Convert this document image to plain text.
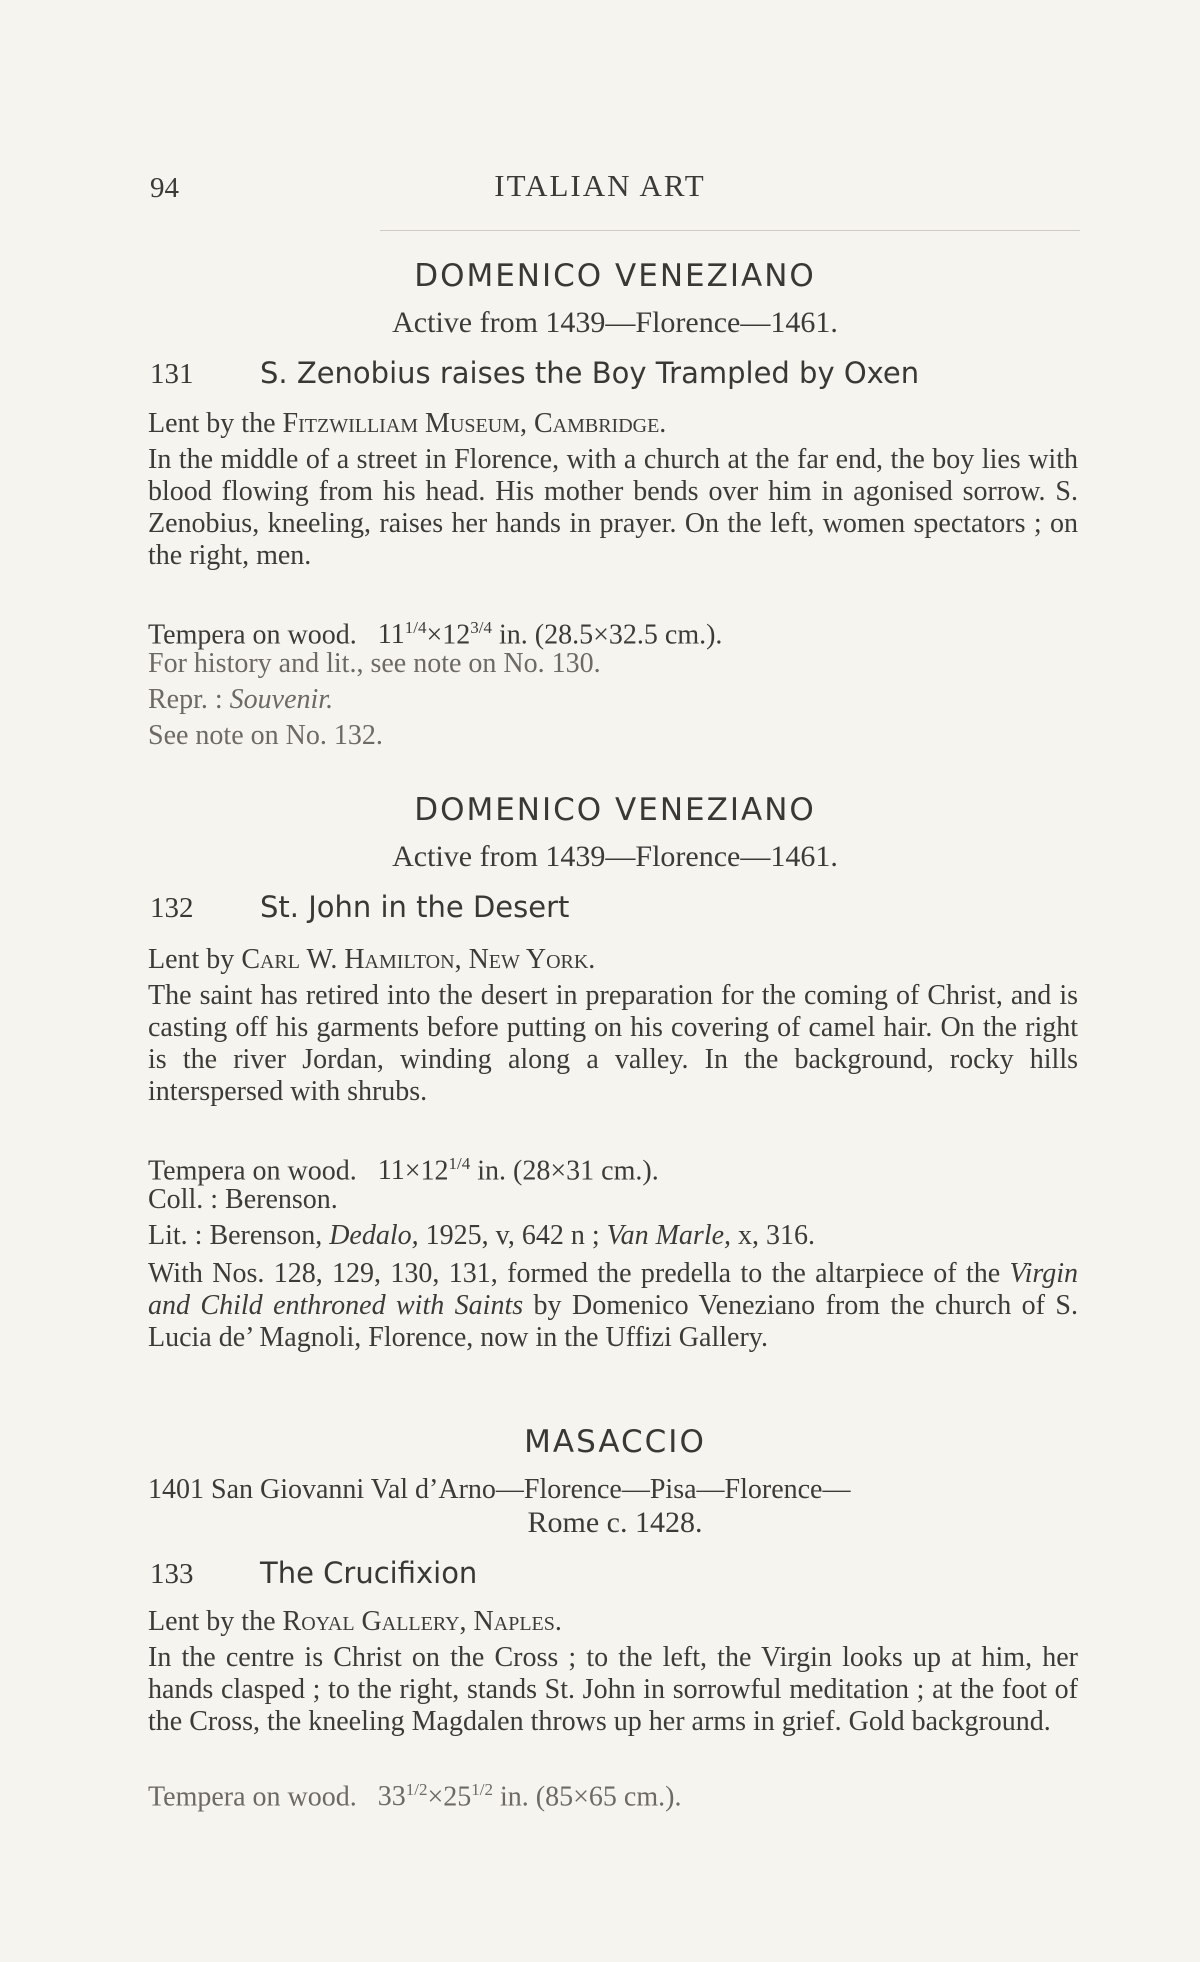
94	ITALIAN ART
DOMENICO VENEZIANO
Active from 1439—Florence—1461.
131 S. Zenobius raises the Boy Trampled by Oxen
Lent by the Fitzwilliam Museum, Cambridge.
In the middle of a street in Florence, with a church at the far end, the boy lies with blood flowing from his head. His mother bends over him in agonised sorrow. S. Zenobius, kneeling, raises her hands in prayer. On the left, women spectators ; on the right, men.
Tempera on wood. $11^{1/4}\times 12^{3/4}$ in. (28.5×32.5 cm.).
For history and lit., see note on No. 130.
Repr. : Souvenir.
See note on No. 132.
DOMENICO VENEZIANO
Active from 1439—Florence—1461.
132 St. John in the Desert
Lent by Carl W. Hamilton, New York.
The saint has retired into the desert in preparation for the coming of Christ, and is casting off his garments before putting on his covering of camel hair. On the right is the river Jordan, winding along a valley. In the background, rocky hills interspersed with shrubs.
Tempera on wood. $11\times 12^{1/4}$ in. (28×31 cm.).
Coll. : Berenson.
Lit. : Berenson, Dedalo, 1925, v, 642 n ; Van Marle, x, 316.
With Nos. 128, 129, 130, 131, formed the predella to the altarpiece of the Virgin and Child enthroned with Saints by Domenico Veneziano from the church of S. Lucia de’ Magnoli, Florence, now in the Uffizi Gallery.
MASACCIO
1401 San Giovanni Val d’Arno—Florence—Pisa—Florence—
Rome c. 1428.
133 The Crucifixion
Lent by the Royal Gallery, Naples.
In the centre is Christ on the Cross ; to the left, the Virgin looks up at him, her hands clasped ; to the right, stands St. John in sorrowful meditation ; at the foot of the Cross, the kneeling Magdalen throws up her arms in grief. Gold background.
Tempera on wood. $33^{1/2}\times 25^{1/2}$ in. (85×65 cm.).
